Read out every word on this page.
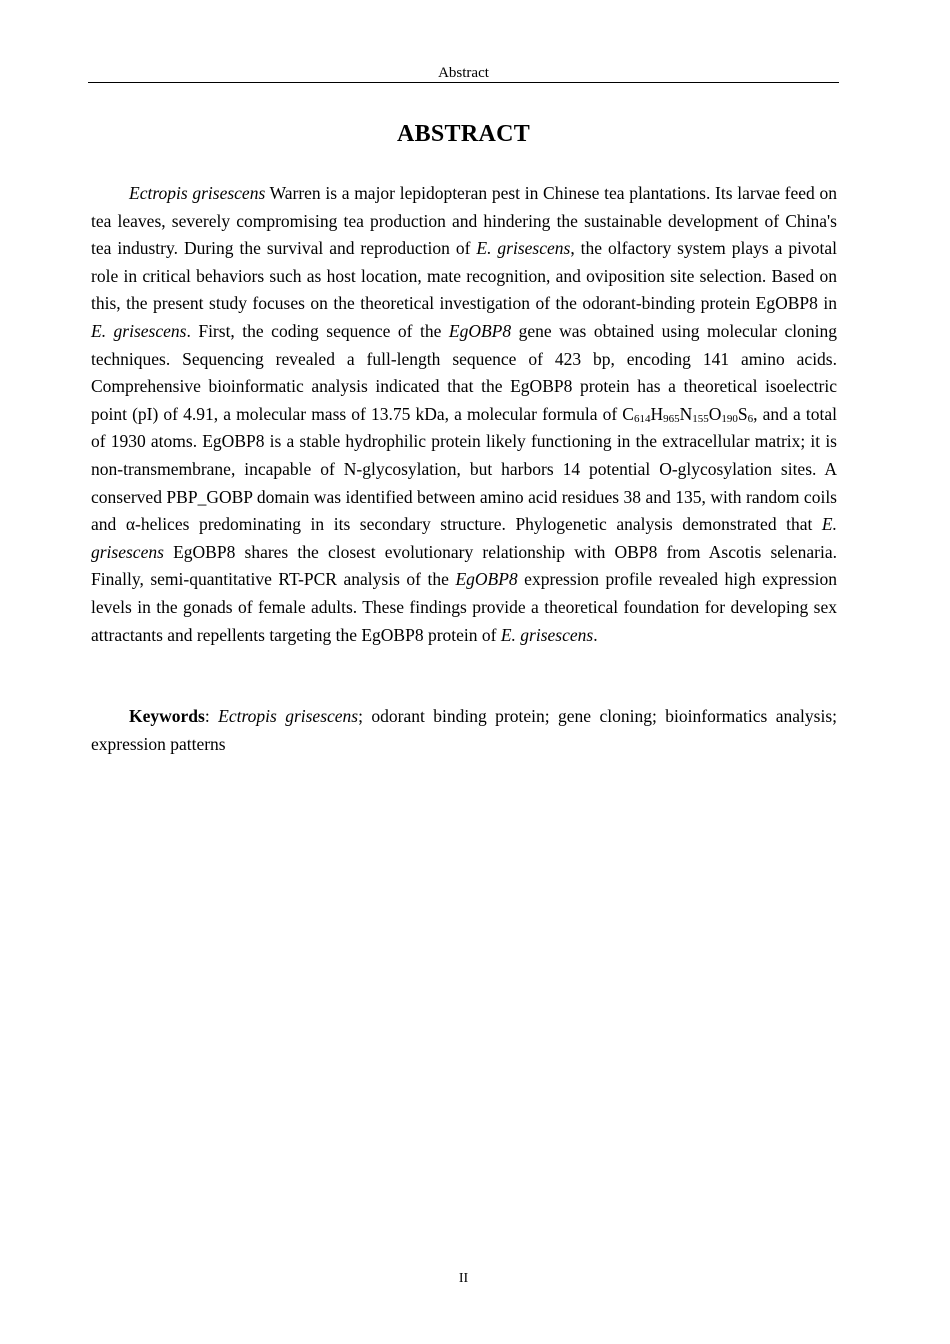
Abstract
ABSTRACT

Ectropis grisescens Warren is a major lepidopteran pest in Chinese tea plantations. Its larvae feed on tea leaves, severely compromising tea production and hindering the sustainable development of China's tea industry. During the survival and reproduction of E. grisescens, the olfactory system plays a pivotal role in critical behaviors such as host location, mate recognition, and oviposition site selection. Based on this, the present study focuses on the theoretical investigation of the odorant-binding protein EgOBP8 in E. grisescens. First, the coding sequence of the EgOBP8 gene was obtained using molecular cloning techniques. Sequencing revealed a full-length sequence of 423 bp, encoding 141 amino acids. Comprehensive bioinformatic analysis indicated that the EgOBP8 protein has a theoretical isoelectric point (pI) of 4.91, a molecular mass of 13.75 kDa, a molecular formula of $C_{614}H_{965}N_{155}O_{190}S_6$, and a total of 1930 atoms. EgOBP8 is a stable hydrophilic protein likely functioning in the extracellular matrix; it is non-transmembrane, incapable of N-glycosylation, but harbors 14 potential O-glycosylation sites. A conserved PBP_GOBP domain was identified between amino acid residues 38 and 135, with random coils and α-helices predominating in its secondary structure. Phylogenetic analysis demonstrated that E. grisescens EgOBP8 shares the closest evolutionary relationship with OBP8 from Ascotis selenaria. Finally, semi-quantitative RT-PCR analysis of the EgOBP8 expression profile revealed high expression levels in the gonads of female adults. These findings provide a theoretical foundation for developing sex attractants and repellents targeting the EgOBP8 protein of E. grisescens.

Keywords: Ectropis grisescens; odorant binding protein; gene cloning; bioinformatics analysis; expression patterns

II
